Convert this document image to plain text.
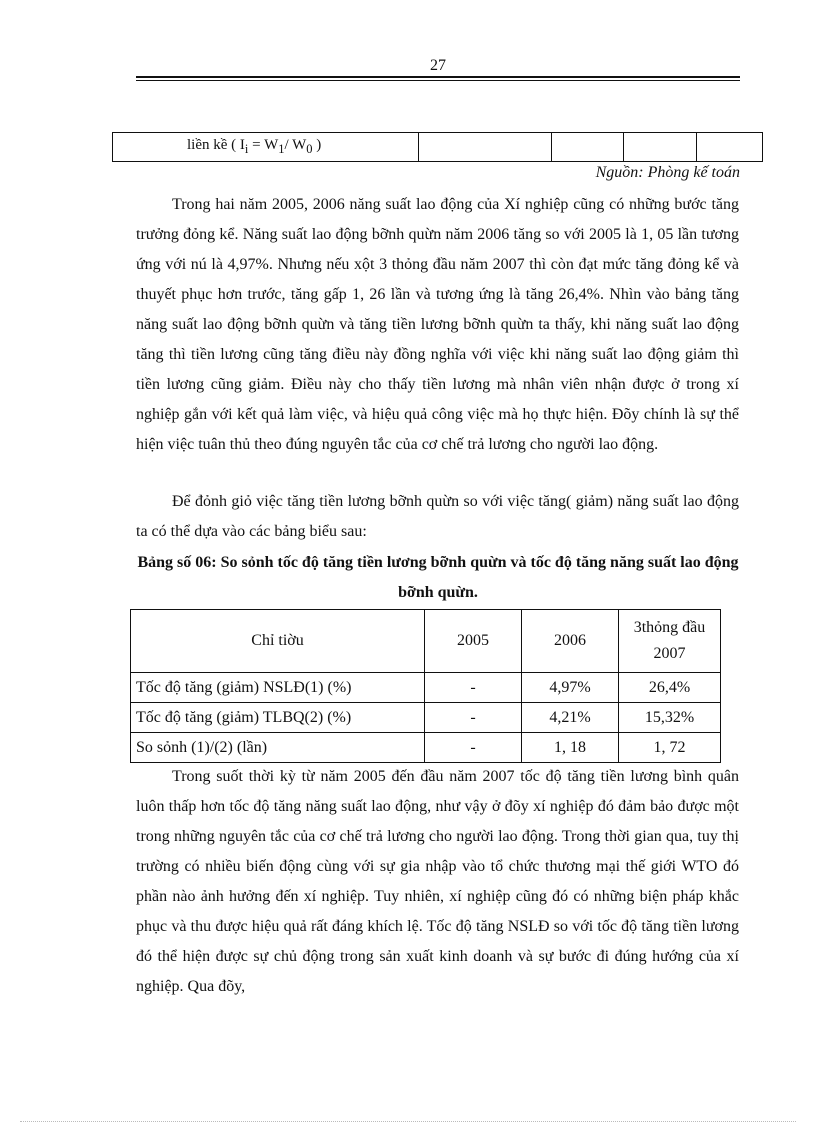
27
liền kề ( $I_i = W_1/$ $W_0$ )				
Nguồn: Phòng kế toán

Trong hai năm 2005, 2006 năng suất lao động của Xí nghiệp cũng có những bước tăng trưởng đỏng kể. Năng suất lao động bỡnh quừn năm 2006 tăng so với 2005 là 1, 05 lần tương ứng với nú là 4,97%. Nhưng nếu xột 3 thỏng đầu năm 2007 thì còn đạt mức tăng đỏng kể và thuyết phục hơn trước, tăng gấp 1, 26 lần và tương ứng là tăng 26,4%. Nhìn vào bảng tăng năng suất lao động bỡnh quừn và tăng tiền lương bỡnh quừn ta thấy, khi năng suất lao động tăng thì tiền lương cũng tăng điều này đồng nghĩa với việc khi năng suất lao động giảm thì tiền lương cũng giảm. Điều này cho thấy tiền lương mà nhân viên nhận được ở trong xí nghiệp gắn với kết quả làm việc, và hiệu quả công việc mà họ thực hiện. Đõy chính là sự thể hiện việc tuân thủ theo đúng nguyên tắc của cơ chế trả lương cho người lao động.

Để đỏnh giỏ việc tăng tiền lương bỡnh quừn so với việc tăng( giảm) năng suất lao động ta có thể dựa vào các bảng biểu sau:

Bảng số 06: So sỏnh tốc độ tăng tiền lương bỡnh quừn và tốc độ tăng năng suất lao động bỡnh quừn.

Chỉ tiờu	2005	2006	3thỏng đầu 2007
Tốc độ tăng (giảm) NSLĐ(1) (%)	-	4,97%	26,4%
Tốc độ tăng (giảm) TLBQ(2) (%)	-	4,21%	15,32%
So sỏnh (1)/(2) (lần)	-	1, 18	1, 72

Trong suốt thời kỳ từ năm 2005 đến đầu năm 2007 tốc độ tăng tiền lương bình quân luôn thấp hơn tốc độ tăng năng suất lao động, như vậy ở đõy xí nghiệp đó đảm bảo được một trong những nguyên tắc của cơ chế trả lương cho người lao động. Trong thời gian qua, tuy thị trường có nhiều biến động cùng với sự gia nhập vào tổ chức thương mại thế giới WTO đó phần nào ảnh hưởng đến xí nghiệp. Tuy nhiên, xí nghiệp cũng đó có những biện pháp khắc phục và thu được hiệu quả rất đáng khích lệ. Tốc độ tăng NSLĐ so với tốc độ tăng tiền lương đó thể hiện được sự chủ động trong sản xuất kinh doanh và sự bước đi đúng hướng của xí nghiệp. Qua đõy,
